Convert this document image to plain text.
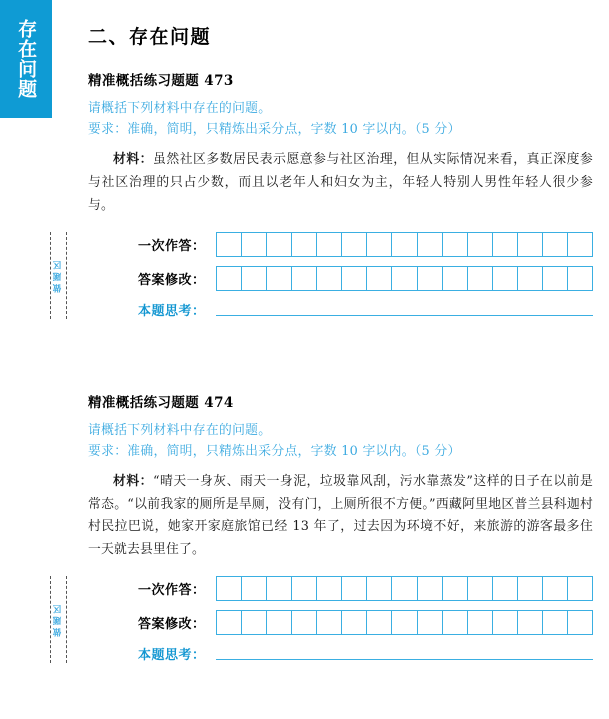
存在问题	二、存在问题
精准概括练习题题 473

请概括下列材料中存在的问题。

要求：准确，简明，只精炼出采分点，字数 10 字以内。（5 分）

材料：虽然社区多数居民表示愿意参与社区治理，但从实际情况来看，真正深度参与社区治理的只占少数，而且以老年人和妇女为主，年轻人特别人男性年轻人很少参与。

做题区
一次作答：
答案修改：
本题思考：
精准概括练习题题 474

请概括下列材料中存在的问题。

要求：准确，简明，只精炼出采分点，字数 10 字以内。（5 分）

材料：“晴天一身灰、雨天一身泥，垃圾靠风刮，污水靠蒸发”这样的日子在以前是常态。“以前我家的厕所是旱厕，没有门，上厕所很不方便。”西藏阿里地区普兰县科迦村村民拉巴说，她家开家庭旅馆已经 13 年了，过去因为环境不好，来旅游的游客最多住一天就去县里住了。

做题区
一次作答：
答案修改：
本题思考：
